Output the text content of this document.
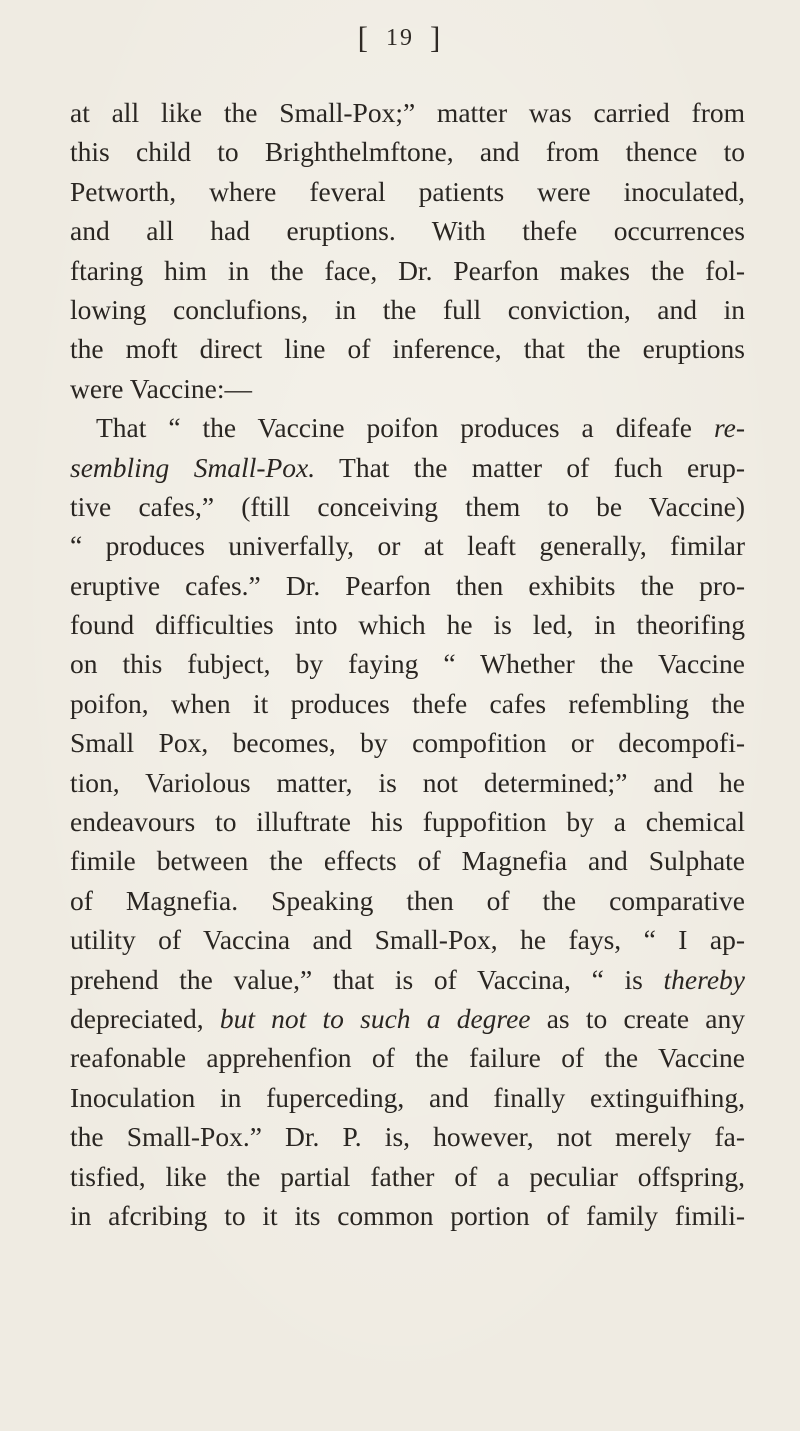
[ 19 ]
at all like the Small-Pox;” matter was carried from
this child to Brighthelmftone, and from thence to
Petworth, where feveral patients were inoculated,
and all had eruptions. With thefe occurrences
ftaring him in the face, Dr. Pearfon makes the fol-
lowing conclufions, in the full conviction, and in
the moft direct line of inference, that the eruptions
were Vaccine:—
That “ the Vaccine poifon produces a difeafe re-
sembling Small-Pox. That the matter of fuch erup-
tive cafes,” (ftill conceiving them to be Vaccine)
“ produces univerfally, or at leaft generally, fimilar
eruptive cafes.” Dr. Pearfon then exhibits the pro-
found difficulties into which he is led, in theorifing
on this fubject, by faying “ Whether the Vaccine
poifon, when it produces thefe cafes refembling the
Small Pox, becomes, by compofition or decompofi-
tion, Variolous matter, is not determined;” and he
endeavours to illuftrate his fuppofition by a chemical
fimile between the effects of Magnefia and Sulphate
of Magnefia. Speaking then of the comparative
utility of Vaccina and Small-Pox, he fays, “ I ap-
prehend the value,” that is of Vaccina, “ is thereby
depreciated, but not to such a degree as to create any
reafonable apprehenfion of the failure of the Vaccine
Inoculation in fuperceding, and finally extinguifhing,
the Small-Pox.” Dr. P. is, however, not merely fa-
tisfied, like the partial father of a peculiar offspring,
in afcribing to it its common portion of family fimili-
